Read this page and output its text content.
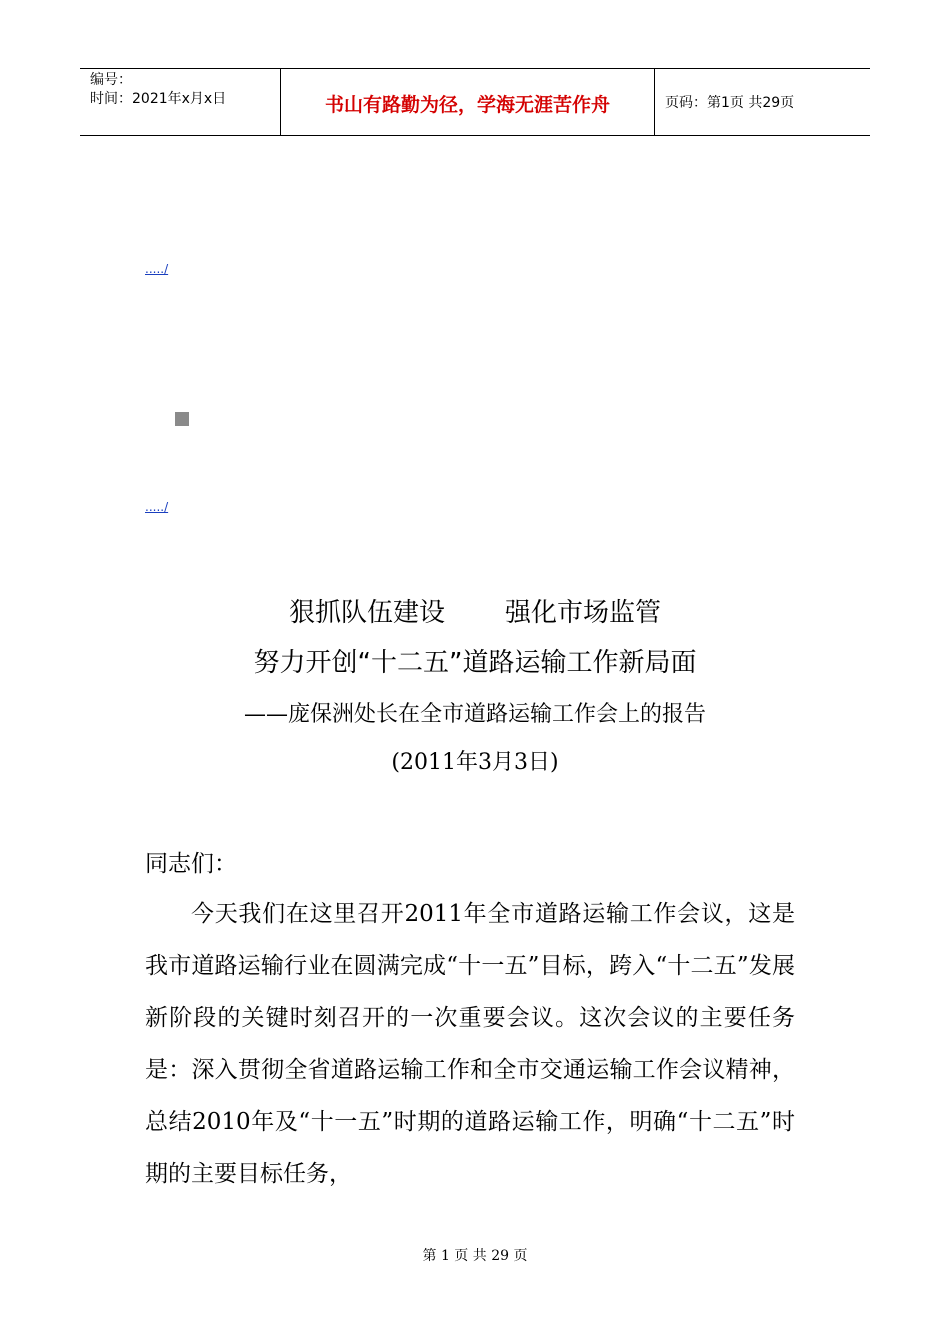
编号：
时间：2021年x月x日	书山有路勤为径，学海无涯苦作舟	页码：第1页 共29页
...../
...../
狠抓队伍建设 强化市场监管
努力开创“十二五”道路运输工作新局面
——庞保洲处长在全市道路运输工作会上的报告
(2011年3月3日)
同志们：

今天我们在这里召开2011年全市道路运输工作会议，这是我市道路运输行业在圆满完成“十一五”目标，跨入“十二五”发展新阶段的关键时刻召开的一次重要会议。这次会议的主要任务是：深入贯彻全省道路运输工作和全市交通运输工作会议精神，总结2010年及“十一五”时期的道路运输工作，明确“十二五”时期的主要目标任务，

第 1 页 共 29 页
